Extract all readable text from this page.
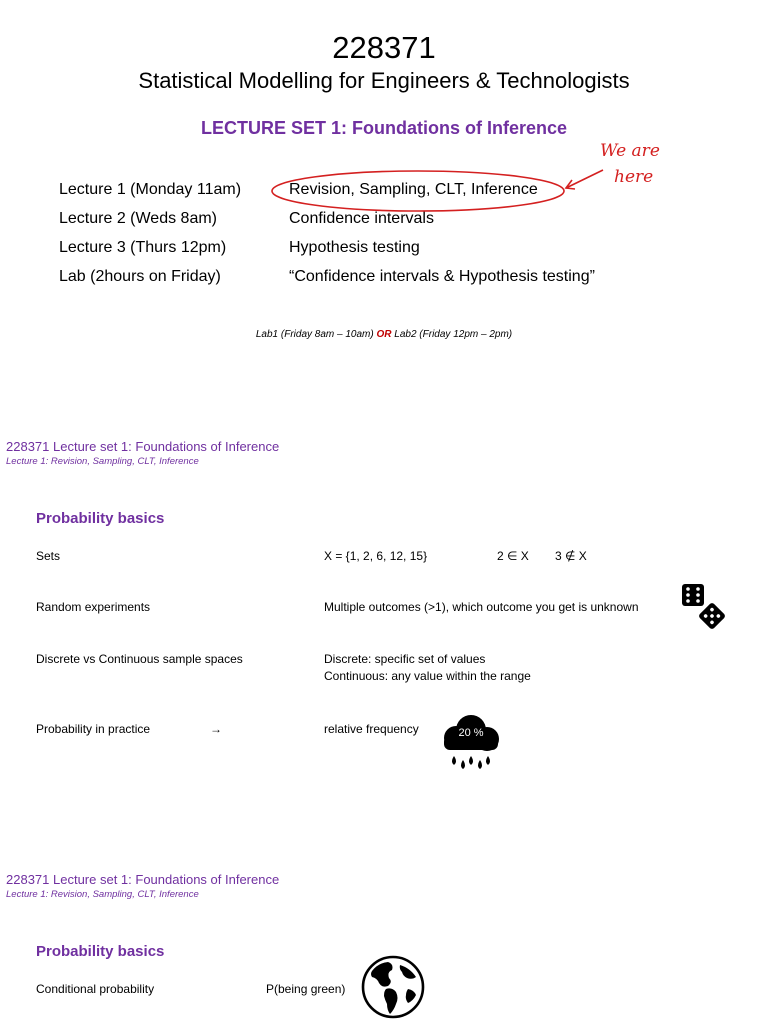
228371
Statistical Modelling for Engineers & Technologists
LECTURE SET 1: Foundations of Inference
Lecture 1 (Monday 11am)	Revision, Sampling, CLT, Inference
Lecture 2 (Weds 8am)	Confidence intervals
Lecture 3 (Thurs 12pm)	Hypothesis testing
Lab (2hours on Friday)	“Confidence intervals & Hypothesis testing”
We are
here
Lab1 (Friday 8am – 10am) OR Lab2 (Friday 12pm – 2pm)
228371 Lecture set 1: Foundations of Inference
Lecture 1: Revision, Sampling, CLT, Inference
Probability basics
Sets	X = {1, 2, 6, 12, 15}	2 ∈ X 3 ∉ X
Random experiments	Multiple outcomes (>1), which outcome you get is unknown
Discrete vs Continuous sample spaces	Discrete: specific set of values
Continuous: any value within the range
Probability in practice	→	relative frequency	20 %
228371 Lecture set 1: Foundations of Inference
Lecture 1: Revision, Sampling, CLT, Inference
Probability basics
Conditional probability	P(being green)
